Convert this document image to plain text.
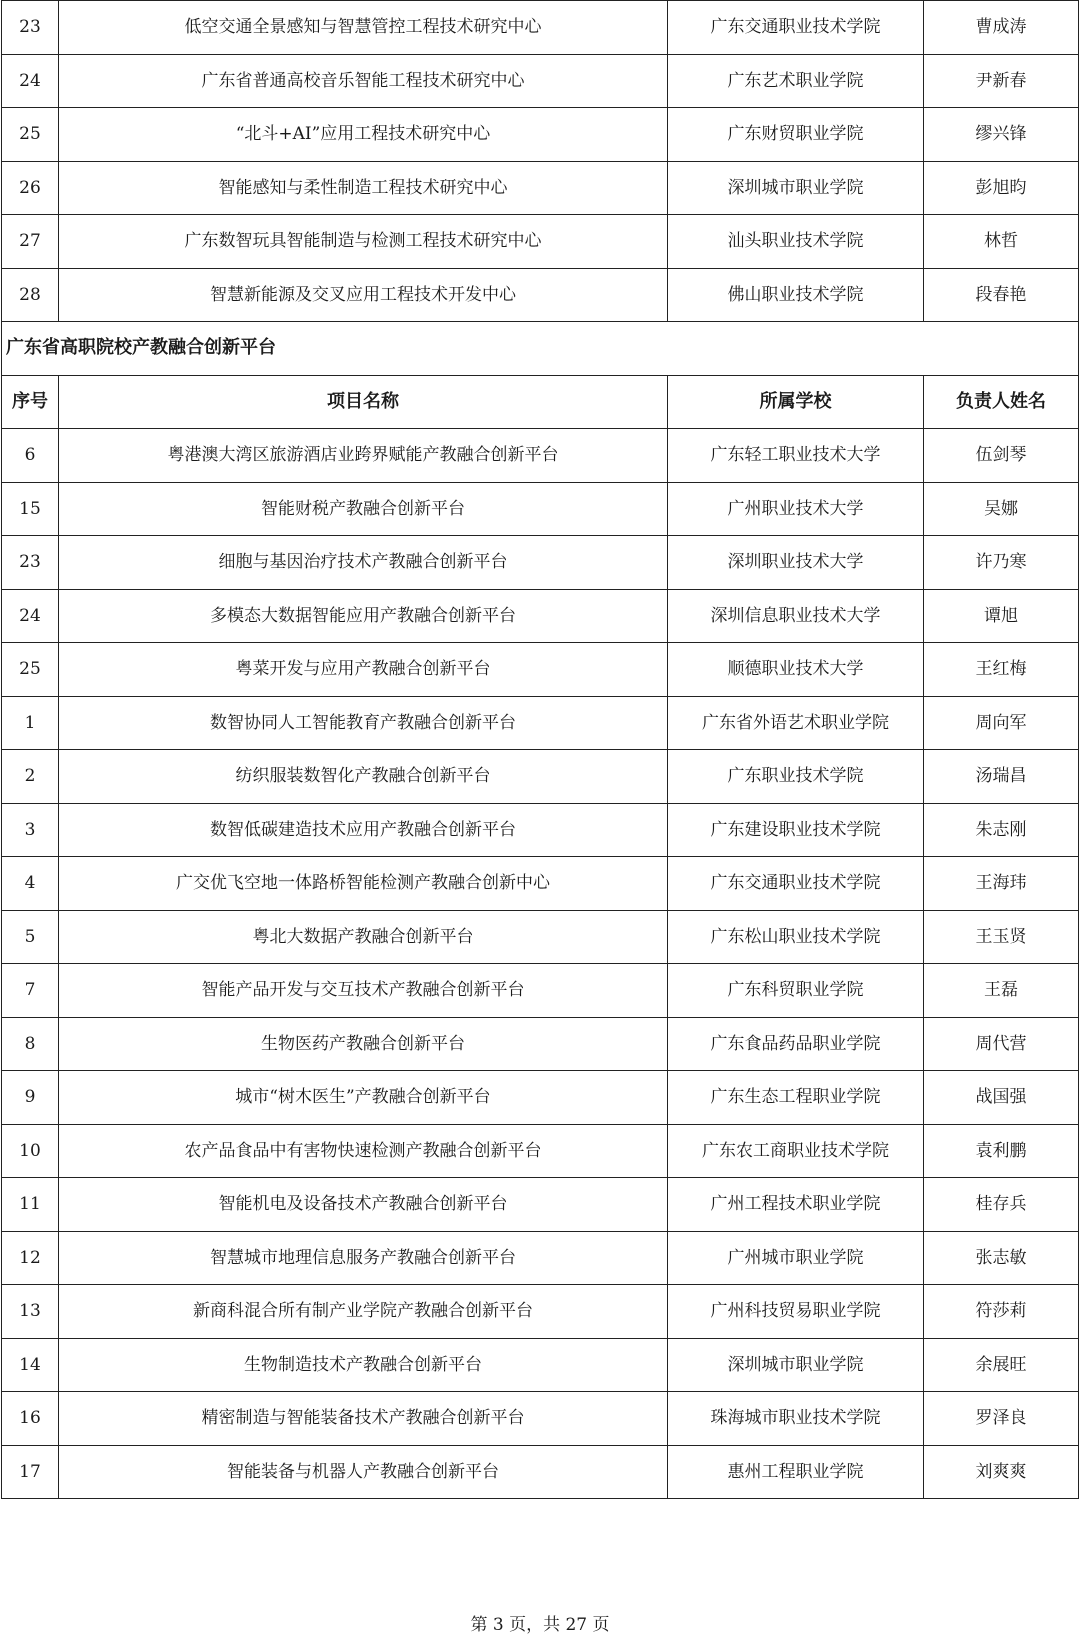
23	低空交通全景感知与智慧管控工程技术研究中心	广东交通职业技术学院	曹成涛
24	广东省普通高校音乐智能工程技术研究中心	广东艺术职业学院	尹新春
25	“北斗+AI”应用工程技术研究中心	广东财贸职业学院	缪兴锋
26	智能感知与柔性制造工程技术研究中心	深圳城市职业学院	彭旭昀
27	广东数智玩具智能制造与检测工程技术研究中心	汕头职业技术学院	林哲
28	智慧新能源及交叉应用工程技术开发中心	佛山职业技术学院	段春艳
广东省高职院校产教融合创新平台			
序号	项目名称	所属学校	负责人姓名
6	粤港澳大湾区旅游酒店业跨界赋能产教融合创新平台	广东轻工职业技术大学	伍剑琴
15	智能财税产教融合创新平台	广州职业技术大学	吴娜
23	细胞与基因治疗技术产教融合创新平台	深圳职业技术大学	许乃寒
24	多模态大数据智能应用产教融合创新平台	深圳信息职业技术大学	谭旭
25	粤菜开发与应用产教融合创新平台	顺德职业技术大学	王红梅
1	数智协同人工智能教育产教融合创新平台	广东省外语艺术职业学院	周向军
2	纺织服装数智化产教融合创新平台	广东职业技术学院	汤瑞昌
3	数智低碳建造技术应用产教融合创新平台	广东建设职业技术学院	朱志刚
4	广交优飞空地一体路桥智能检测产教融合创新中心	广东交通职业技术学院	王海玮
5	粤北大数据产教融合创新平台	广东松山职业技术学院	王玉贤
7	智能产品开发与交互技术产教融合创新平台	广东科贸职业学院	王磊
8	生物医药产教融合创新平台	广东食品药品职业学院	周代营
9	城市“树木医生”产教融合创新平台	广东生态工程职业学院	战国强
10	农产品食品中有害物快速检测产教融合创新平台	广东农工商职业技术学院	袁利鹏
11	智能机电及设备技术产教融合创新平台	广州工程技术职业学院	桂存兵
12	智慧城市地理信息服务产教融合创新平台	广州城市职业学院	张志敏
13	新商科混合所有制产业学院产教融合创新平台	广州科技贸易职业学院	符莎莉
14	生物制造技术产教融合创新平台	深圳城市职业学院	余展旺
16	精密制造与智能装备技术产教融合创新平台	珠海城市职业技术学院	罗泽良
17	智能装备与机器人产教融合创新平台	惠州工程职业学院	刘爽爽
第 3 页，共 27 页
